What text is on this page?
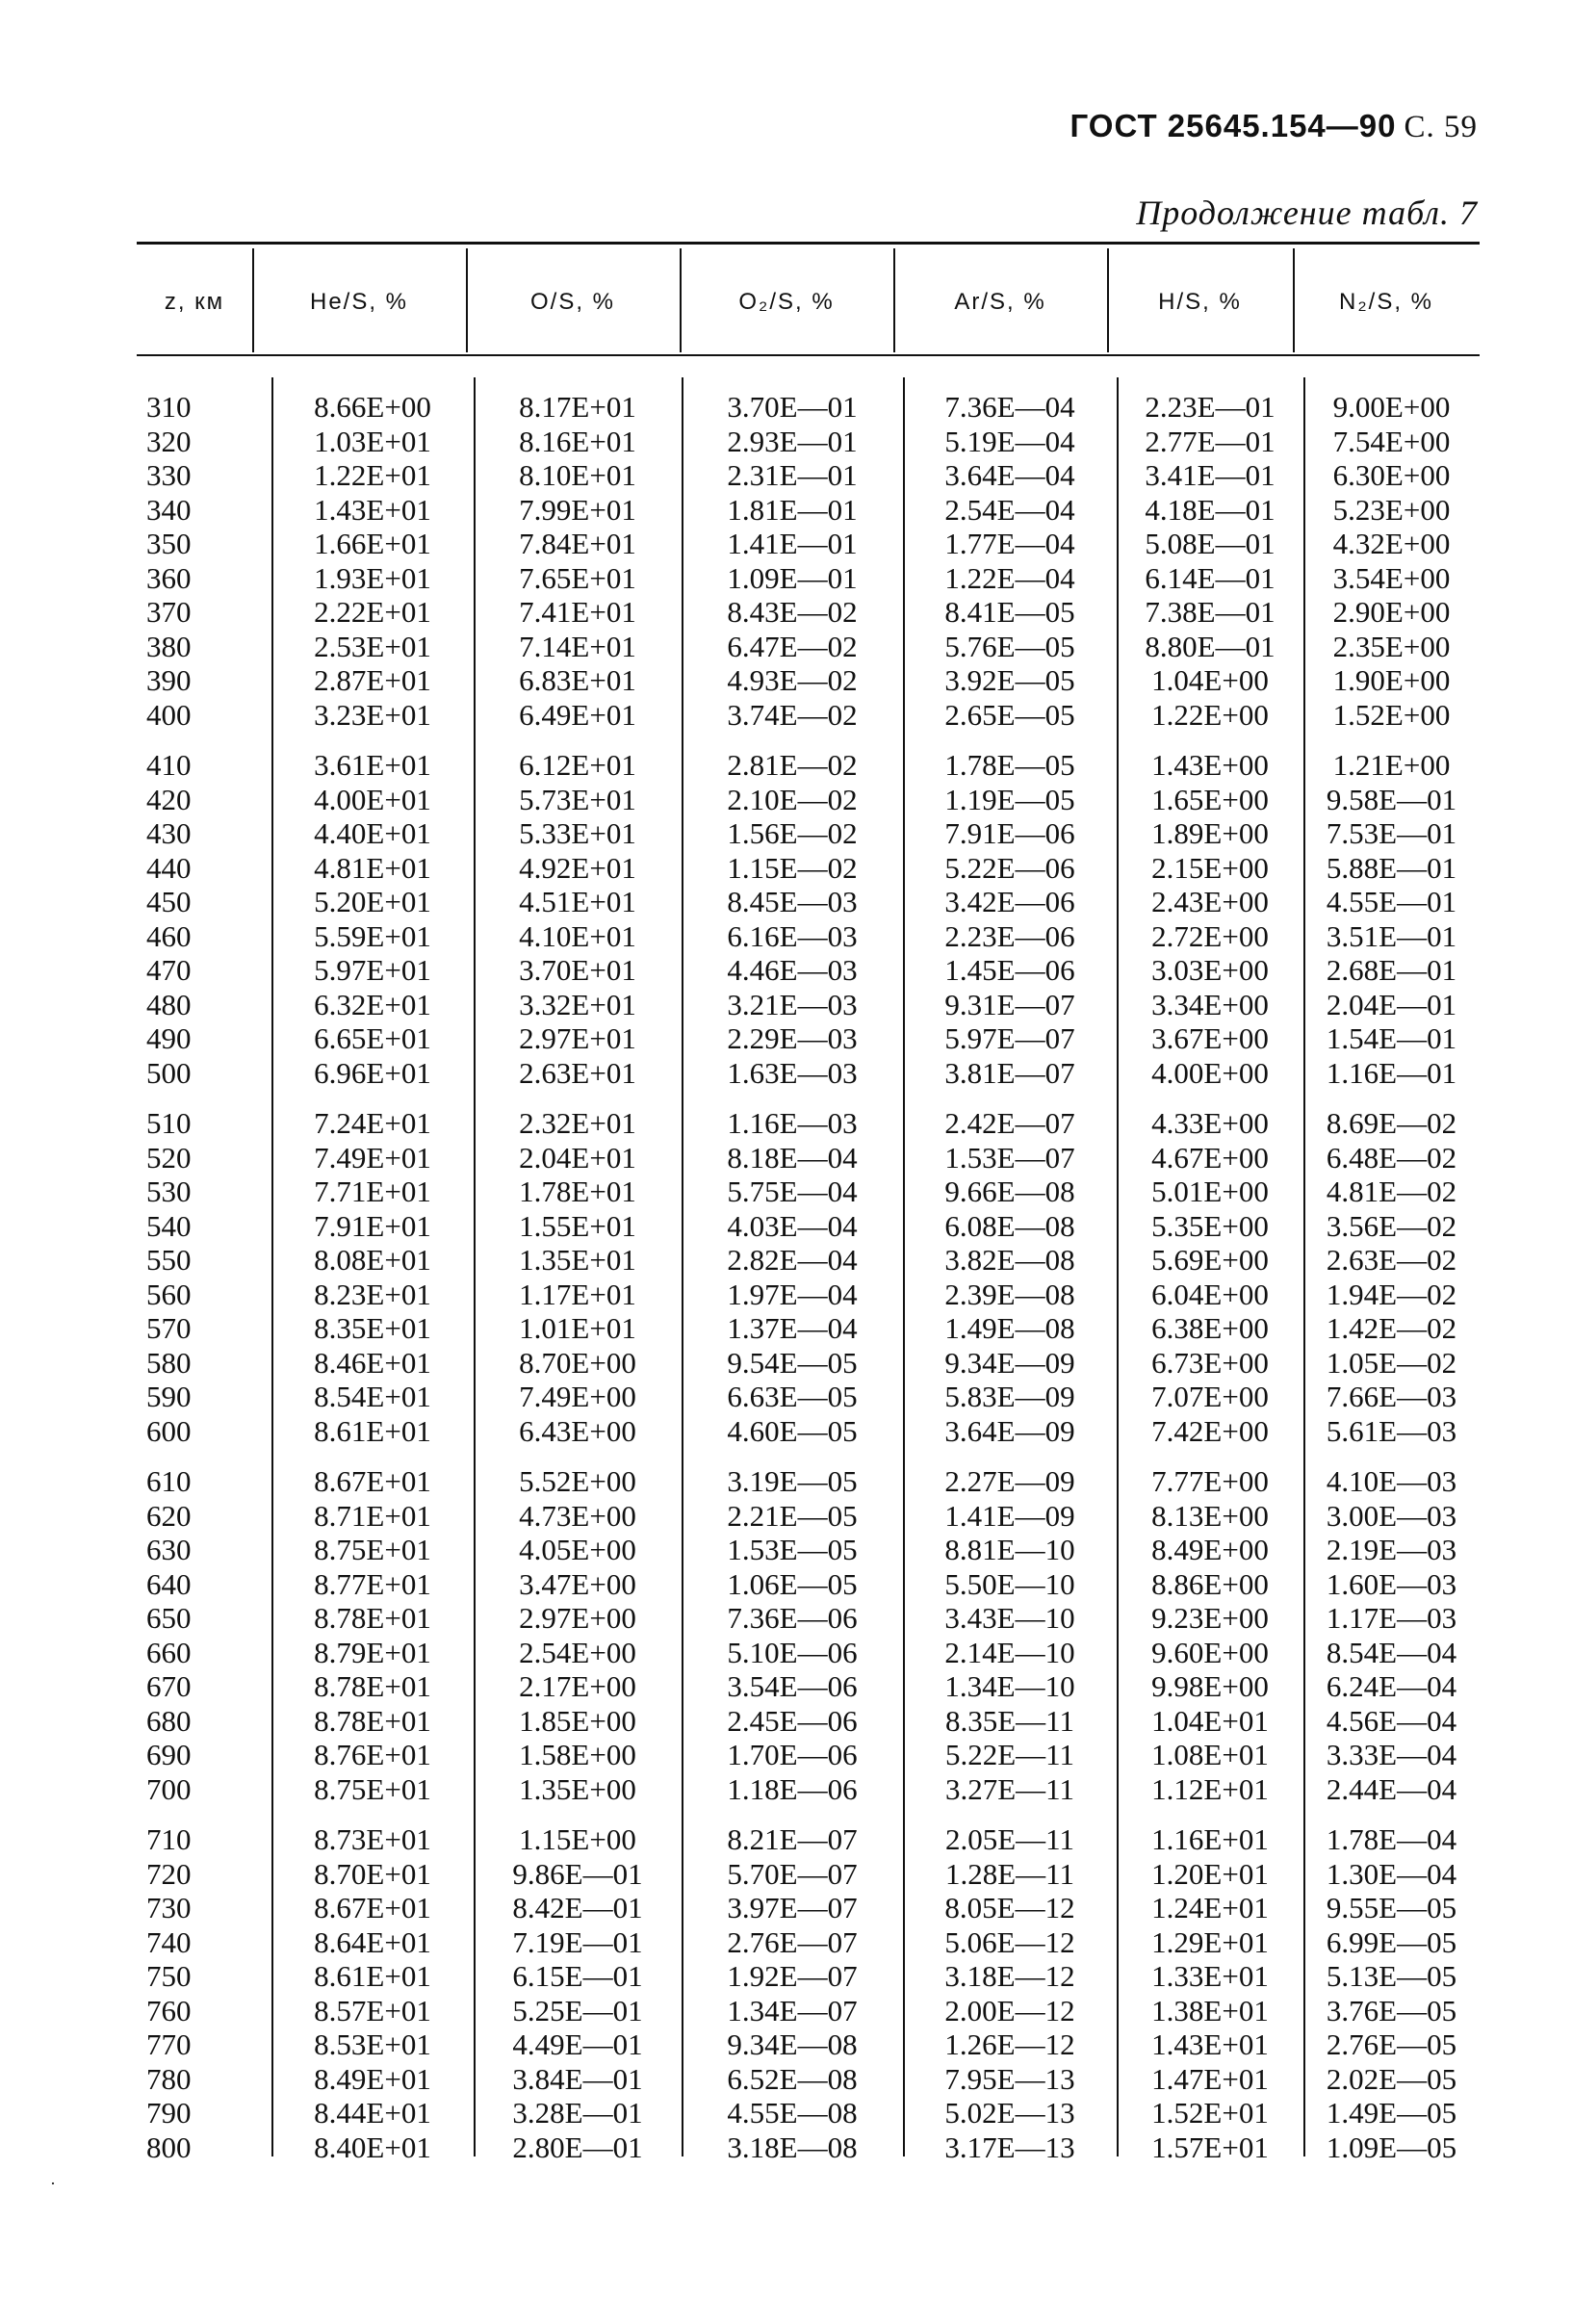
ГОСТ 25645.154—90 С. 59
Продолжение табл. 7
z, км	He/S, %	O/S, %	O₂/S, %	Ar/S, %	H/S, %	N₂/S, %
310	8.66E+00	8.17E+01	3.70E—01	7.36E—04	2.23E—01	9.00E+00
320	1.03E+01	8.16E+01	2.93E—01	5.19E—04	2.77E—01	7.54E+00
330	1.22E+01	8.10E+01	2.31E—01	3.64E—04	3.41E—01	6.30E+00
340	1.43E+01	7.99E+01	1.81E—01	2.54E—04	4.18E—01	5.23E+00
350	1.66E+01	7.84E+01	1.41E—01	1.77E—04	5.08E—01	4.32E+00
360	1.93E+01	7.65E+01	1.09E—01	1.22E—04	6.14E—01	3.54E+00
370	2.22E+01	7.41E+01	8.43E—02	8.41E—05	7.38E—01	2.90E+00
380	2.53E+01	7.14E+01	6.47E—02	5.76E—05	8.80E—01	2.35E+00
390	2.87E+01	6.83E+01	4.93E—02	3.92E—05	1.04E+00	1.90E+00
400	3.23E+01	6.49E+01	3.74E—02	2.65E—05	1.22E+00	1.52E+00

410	3.61E+01	6.12E+01	2.81E—02	1.78E—05	1.43E+00	1.21E+00
420	4.00E+01	5.73E+01	2.10E—02	1.19E—05	1.65E+00	9.58E—01
430	4.40E+01	5.33E+01	1.56E—02	7.91E—06	1.89E+00	7.53E—01
440	4.81E+01	4.92E+01	1.15E—02	5.22E—06	2.15E+00	5.88E—01
450	5.20E+01	4.51E+01	8.45E—03	3.42E—06	2.43E+00	4.55E—01
460	5.59E+01	4.10E+01	6.16E—03	2.23E—06	2.72E+00	3.51E—01
470	5.97E+01	3.70E+01	4.46E—03	1.45E—06	3.03E+00	2.68E—01
480	6.32E+01	3.32E+01	3.21E—03	9.31E—07	3.34E+00	2.04E—01
490	6.65E+01	2.97E+01	2.29E—03	5.97E—07	3.67E+00	1.54E—01
500	6.96E+01	2.63E+01	1.63E—03	3.81E—07	4.00E+00	1.16E—01

510	7.24E+01	2.32E+01	1.16E—03	2.42E—07	4.33E+00	8.69E—02
520	7.49E+01	2.04E+01	8.18E—04	1.53E—07	4.67E+00	6.48E—02
530	7.71E+01	1.78E+01	5.75E—04	9.66E—08	5.01E+00	4.81E—02
540	7.91E+01	1.55E+01	4.03E—04	6.08E—08	5.35E+00	3.56E—02
550	8.08E+01	1.35E+01	2.82E—04	3.82E—08	5.69E+00	2.63E—02
560	8.23E+01	1.17E+01	1.97E—04	2.39E—08	6.04E+00	1.94E—02
570	8.35E+01	1.01E+01	1.37E—04	1.49E—08	6.38E+00	1.42E—02
580	8.46E+01	8.70E+00	9.54E—05	9.34E—09	6.73E+00	1.05E—02
590	8.54E+01	7.49E+00	6.63E—05	5.83E—09	7.07E+00	7.66E—03
600	8.61E+01	6.43E+00	4.60E—05	3.64E—09	7.42E+00	5.61E—03

610	8.67E+01	5.52E+00	3.19E—05	2.27E—09	7.77E+00	4.10E—03
620	8.71E+01	4.73E+00	2.21E—05	1.41E—09	8.13E+00	3.00E—03
630	8.75E+01	4.05E+00	1.53E—05	8.81E—10	8.49E+00	2.19E—03
640	8.77E+01	3.47E+00	1.06E—05	5.50E—10	8.86E+00	1.60E—03
650	8.78E+01	2.97E+00	7.36E—06	3.43E—10	9.23E+00	1.17E—03
660	8.79E+01	2.54E+00	5.10E—06	2.14E—10	9.60E+00	8.54E—04
670	8.78E+01	2.17E+00	3.54E—06	1.34E—10	9.98E+00	6.24E—04
680	8.78E+01	1.85E+00	2.45E—06	8.35E—11	1.04E+01	4.56E—04
690	8.76E+01	1.58E+00	1.70E—06	5.22E—11	1.08E+01	3.33E—04
700	8.75E+01	1.35E+00	1.18E—06	3.27E—11	1.12E+01	2.44E—04

710	8.73E+01	1.15E+00	8.21E—07	2.05E—11	1.16E+01	1.78E—04
720	8.70E+01	9.86E—01	5.70E—07	1.28E—11	1.20E+01	1.30E—04
730	8.67E+01	8.42E—01	3.97E—07	8.05E—12	1.24E+01	9.55E—05
740	8.64E+01	7.19E—01	2.76E—07	5.06E—12	1.29E+01	6.99E—05
750	8.61E+01	6.15E—01	1.92E—07	3.18E—12	1.33E+01	5.13E—05
760	8.57E+01	5.25E—01	1.34E—07	2.00E—12	1.38E+01	3.76E—05
770	8.53E+01	4.49E—01	9.34E—08	1.26E—12	1.43E+01	2.76E—05
780	8.49E+01	3.84E—01	6.52E—08	7.95E—13	1.47E+01	2.02E—05
790	8.44E+01	3.28E—01	4.55E—08	5.02E—13	1.52E+01	1.49E—05
800	8.40E+01	2.80E—01	3.18E—08	3.17E—13	1.57E+01	1.09E—05
·
